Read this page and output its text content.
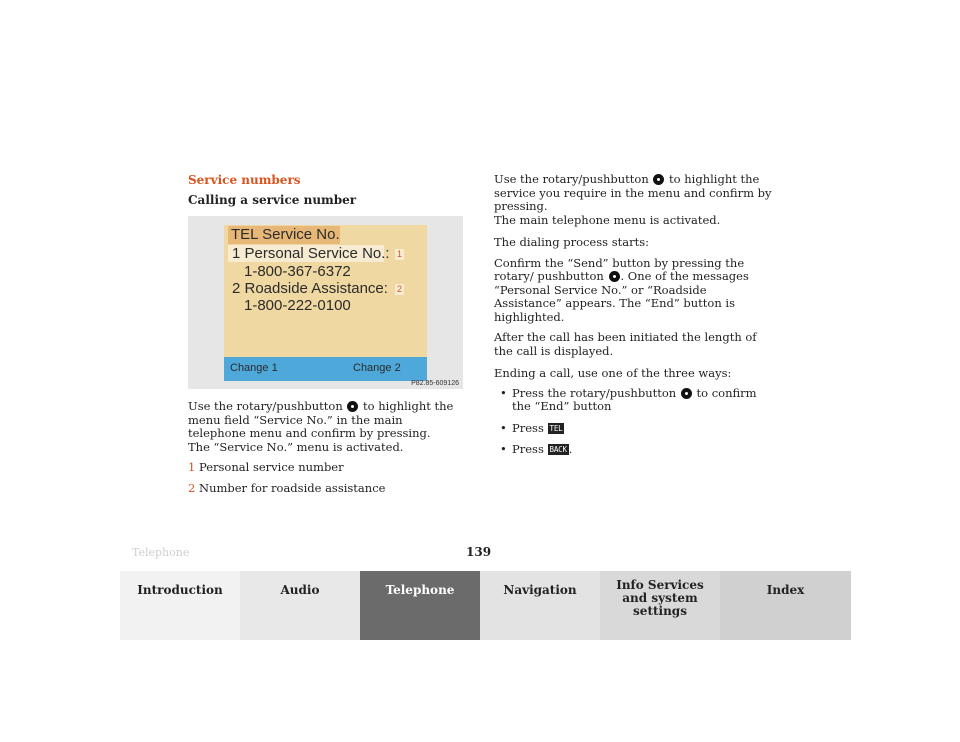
Service numbers
Calling a service number
TEL Service No.
1 Personal Service No.:
1-800-367-6372
2 Roadside Assistance:
1-800-222-0100
1
2
Change 1	Change 2
P82.85-609126

Use the rotary/pushbutton to highlight the menu field “Service No.” in the main telephone menu and confirm by pressing.
The “Service No.” menu is activated.

1 Personal service number
2 Number for roadside assistance

Use the rotary/pushbutton to highlight the service you require in the menu and confirm by pressing.
The main telephone menu is activated.

The dialing process starts:

Confirm the “Send” button by pressing the rotary/ pushbutton . One of the messages “Personal Service No.” or “Roadside Assistance” appears. The “End” button is highlighted.

After the call has been initiated the length of the call is displayed.

Ending a call, use one of the three ways:

• Press the rotary/pushbutton to confirm the “End” button
• Press TEL
• Press BACK .
Telephone	139
Introduction	Audio	Telephone	Navigation	Info Services and system settings
Index
